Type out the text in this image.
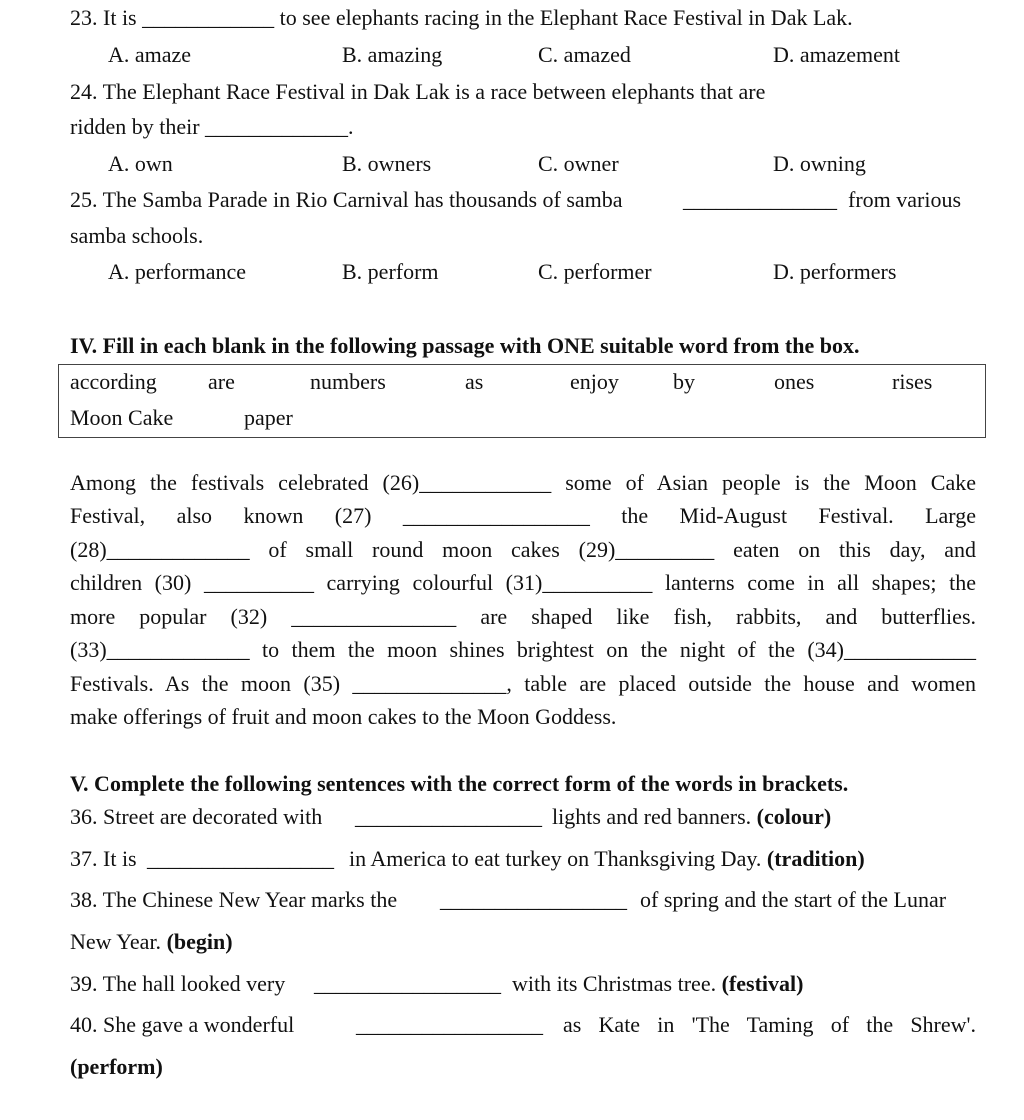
23. It is ____________ to see elephants racing in the Elephant Race Festival in Dak Lak.
A. amaze	B. amazing	C. amazed	D. amazement
24. The Elephant Race Festival in Dak Lak is a race between elephants that are
ridden by their _____________.
A. own	B. owners	C. owner	D. owning
25. The Samba Parade in Rio Carnival has thousands of samba	______________ from various
samba schools.
A. performance	B. perform	C. performer	D. performers
IV. Fill in each blank in the following passage with ONE suitable word from the box.
according are	numbers	as	enjoy by	ones	rises
Moon Cake	paper
Among the festivals celebrated (26)____________ some of Asian people is the Moon Cake
Festival, also known (27) _________________ the Mid-August Festival. Large
(28)_____________ of small round moon cakes (29)_________ eaten on this day, and
children (30) __________ carrying colourful (31)__________ lanterns come in all shapes; the
more popular (32) _______________ are shaped like fish, rabbits, and butterflies.
(33)_____________ to them the moon shines brightest on the night of the (34)____________
Festivals. As the moon (35) ______________, table are placed outside the house and women
make offerings of fruit and moon cakes to the Moon Goddess.
V. Complete the following sentences with the correct form of the words in brackets.
36. Street are decorated with _________________ lights and red banners. (colour)
37. It is _________________ in America to eat turkey on Thanksgiving Day. (tradition)
38. The Chinese New Year marks the _________________ of spring and the start of the Lunar
New Year. (begin)
39. The hall looked very _________________ with its Christmas tree. (festival)
40. She gave a wonderful	_________________ as Kate in 'The Taming of the Shrew'.
(perform)
